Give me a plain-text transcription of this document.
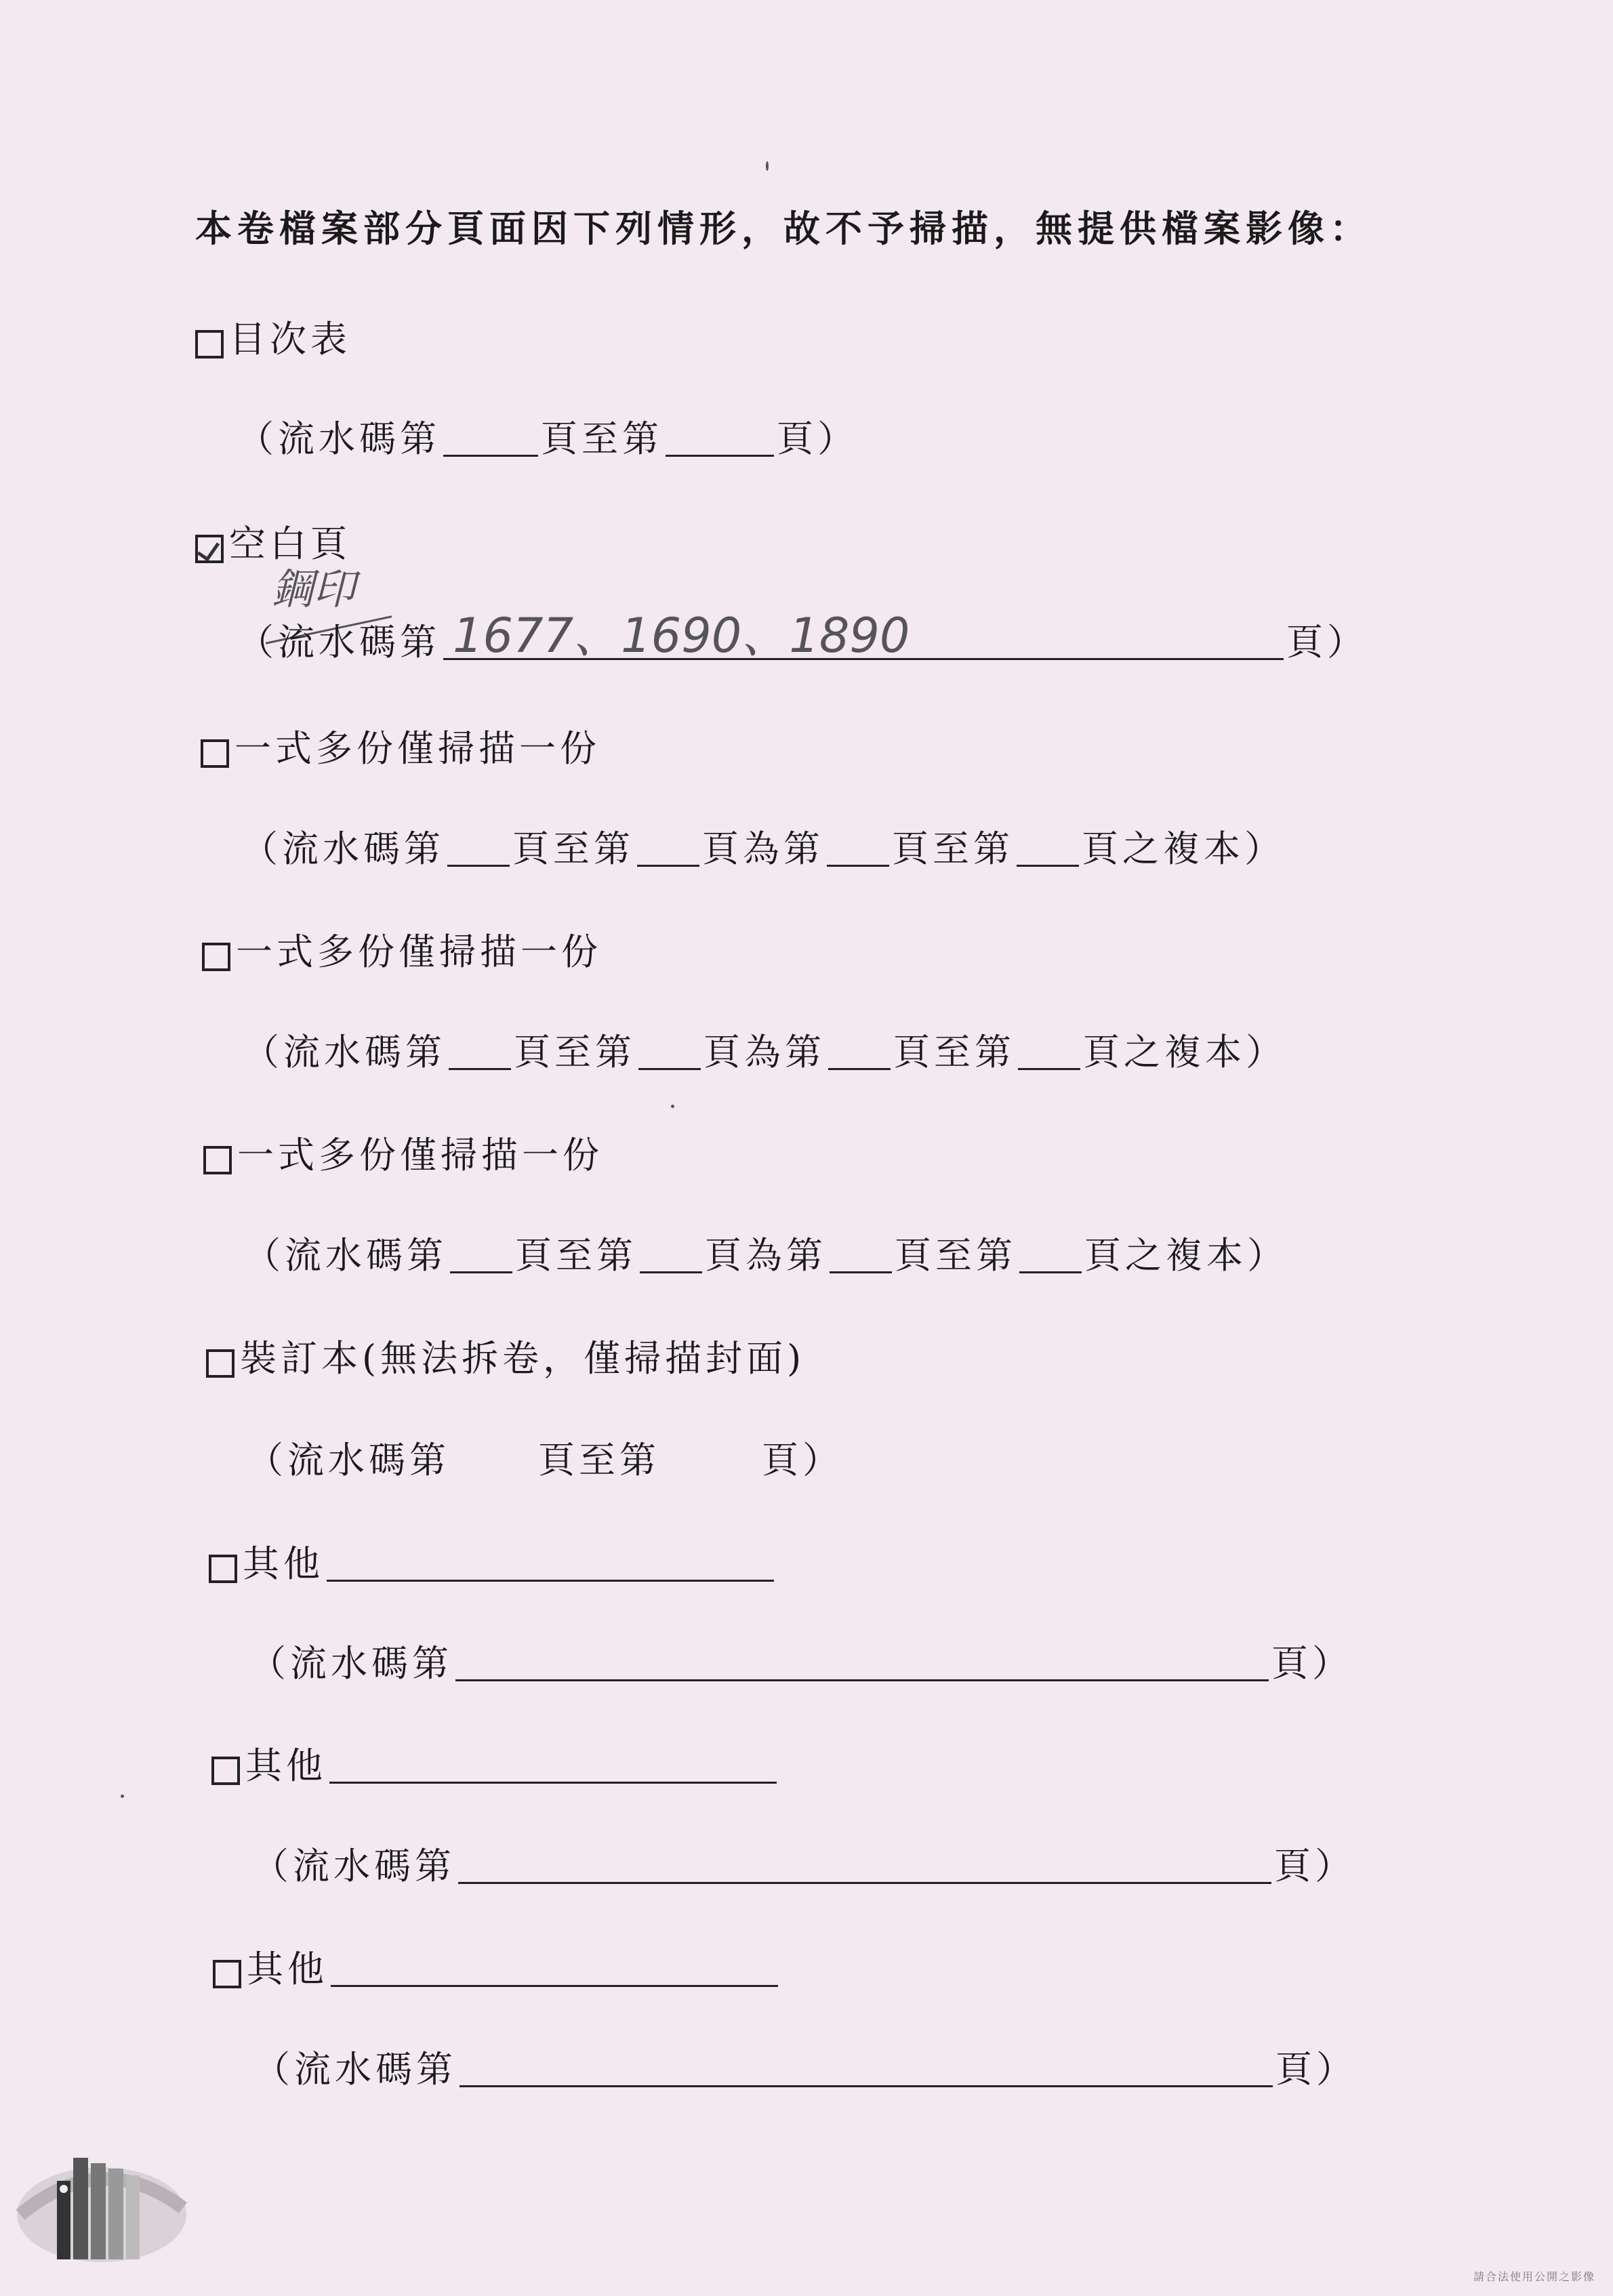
本卷檔案部分頁面因下列情形，故不予掃描，無提供檔案影像：
目次表
（流水碼第	頁至第	頁）
空白頁
鋼印
（流水碼第	頁）
1677、1690、1890
一式多份僅掃描一份
（流水碼第 頁至第 頁為第 頁至第 頁之複本）
一式多份僅掃描一份
（流水碼第 頁至第 頁為第 頁至第 頁之複本）
一式多份僅掃描一份
（流水碼第 頁至第 頁為第 頁至第 頁之複本）
裝訂本(無法拆卷，僅掃描封面)
（流水碼第 頁至第	頁）
其他
（流水碼第	頁）
其他
（流水碼第	頁）
其他
（流水碼第	頁）
請合法使用公開之影像
